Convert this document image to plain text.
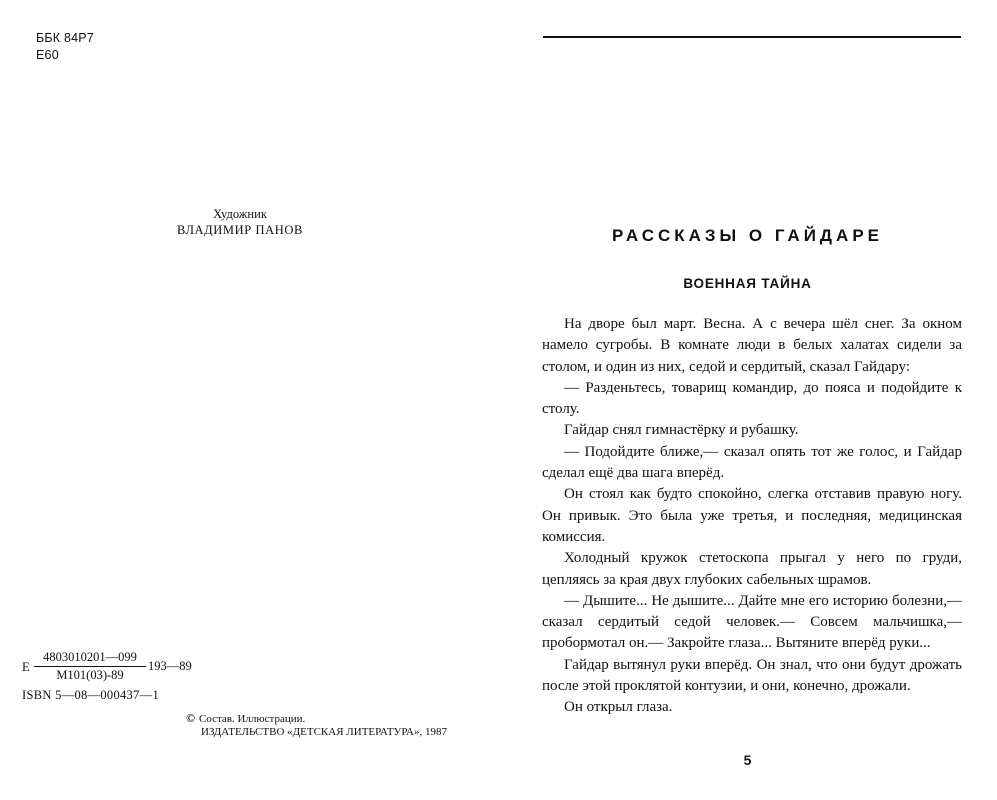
ББК 84Р7
Е60
Художник
ВЛАДИМИР ПАНОВ
Е
4803010201—099
М101(03)-89
193—89
ISBN 5—08—000437—1
© Состав. Иллюстрации.
ИЗДАТЕЛЬСТВО «ДЕТСКАЯ ЛИТЕРАТУРА», 1987
РАССКАЗЫ О ГАЙДАРЕ
ВОЕННАЯ ТАЙНА

На дворе был март. Весна. А с вечера шёл снег. За окном намело сугробы. В комнате люди в белых халатах сидели за столом, и один из них, седой и сердитый, сказал Гайдару:

— Разденьтесь, товарищ командир, до пояса и подойдите к столу.

Гайдар снял гимнастёрку и рубашку.

— Подойдите ближе,— сказал опять тот же голос, и Гайдар сделал ещё два шага вперёд.

Он стоял как будто спокойно, слегка отставив правую ногу. Он привык. Это была уже третья, и последняя, медицинская комиссия.

Холодный кружок стетоскопа прыгал у него по груди, цепляясь за края двух глубоких сабельных шрамов.

— Дышите... Не дышите... Дайте мне его историю болезни,— сказал сердитый седой человек.— Совсем мальчишка,— пробормотал он.— Закройте глаза... Вытяните вперёд руки...

Гайдар вытянул руки вперёд. Он знал, что они будут дрожать после этой проклятой контузии, и они, конечно, дрожали.

Он открыл глаза.

5
